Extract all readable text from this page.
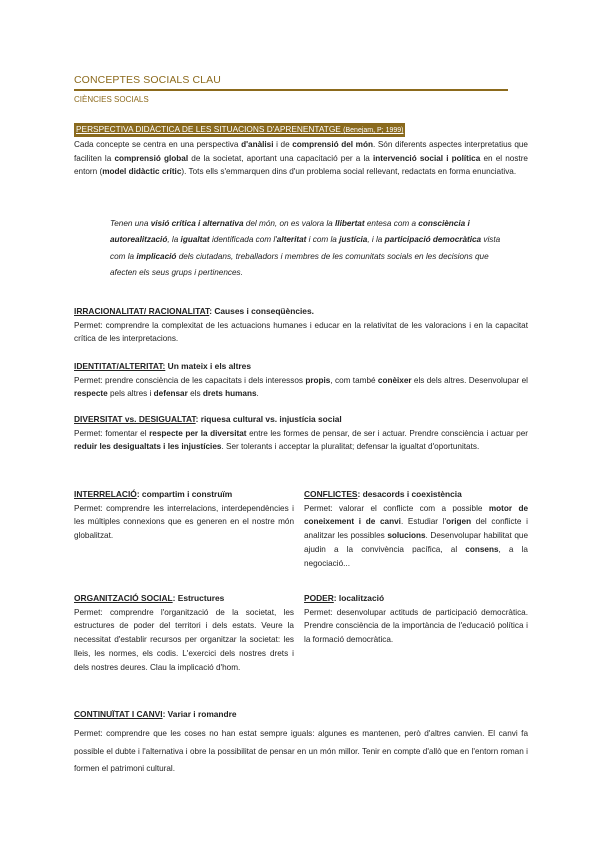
CONCEPTES SOCIALS CLAU
CIÈNCIES SOCIALS
PERSPECTIVA DIDÀCTICA DE LES SITUACIONS D'APRENENTATGE (Benejam, P; 1999)
Cada concepte se centra en una perspectiva d'anàlisi i de comprensió del món. Són diferents aspectes interpretatius que faciliten la comprensió global de la societat, aportant una capacitació per a la intervenció social i política en el nostre entorn (model didàctic crític). Tots ells s'emmarquen dins d'un problema social rellevant, redactats en forma enunciativa.
Tenen una visió crítica i alternativa del món, on es valora la llibertat entesa com a consciència i autorealització, la igualtat identificada com l'alteritat i com la justícia, i la participació democràtica vista com la implicació dels ciutadans, treballadors i membres de les comunitats socials en les decisions que afecten els seus grups i pertinences.
IRRACIONALITAT/ RACIONALITAT: Causes i conseqüències.
Permet: comprendre la complexitat de les actuacions humanes i educar en la relativitat de les valoracions i en la capacitat crítica de les interpretacions.
IDENTITAT/ALTERITAT: Un mateix i els altres
Permet: prendre consciència de les capacitats i dels interessos propis, com també conèixer els dels altres. Desenvolupar el respecte pels altres i defensar els drets humans.
DIVERSITAT vs. DESIGUALTAT: riquesa cultural vs. injustícia social
Permet: fomentar el respecte per la diversitat entre les formes de pensar, de ser i actuar. Prendre consciència i actuar per reduir les desigualtats i les injustícies. Ser tolerants i acceptar la pluralitat; defensar la igualtat d'oportunitats.
INTERRELACIÓ: compartim i construïm
Permet: comprendre les interrelacions, interdependències i les múltiples connexions que es generen en el nostre món globalitzat.
CONFLICTES: desacords i coexistència
Permet: valorar el conflicte com a possible motor de coneixement i de canvi. Estudiar l'origen del conflicte i analitzar les possibles solucions. Desenvolupar habilitat que ajudin a la convivència pacífica, al consens, a la negociació...
ORGANITZACIÓ SOCIAL: Estructures
Permet: comprendre l'organització de la societat, les estructures de poder del territori i dels estats. Veure la necessitat d'establir recursos per organitzar la societat: les lleis, les normes, els codis. L'exercici dels nostres drets i dels nostres deures. Clau la implicació d'hom.
PODER: localització
Permet: desenvolupar actituds de participació democràtica. Prendre consciència de la importància de l'educació política i la formació democràtica.
CONTINUÏTAT I CANVI: Variar i romandre
Permet: comprendre que les coses no han estat sempre iguals: algunes es mantenen, però d'altres canvien. El canvi fa possible el dubte i l'alternativa i obre la possibilitat de pensar en un món millor. Tenir en compte d'allò que en l'entorn roman i formen el patrimoni cultural.
